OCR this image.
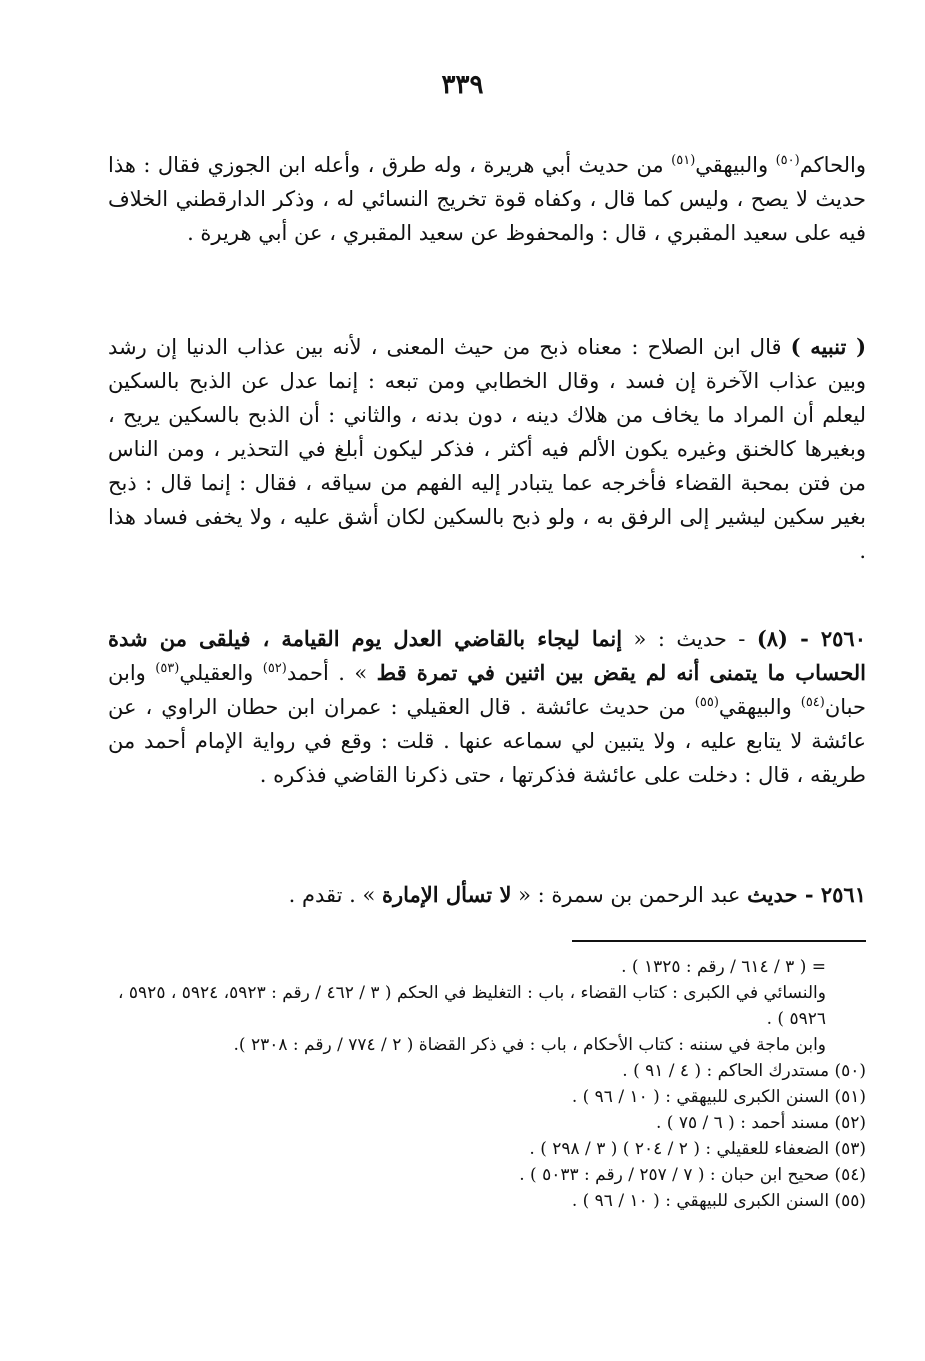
٣٣٩

والحاكم$^{(٥٠)}$ والبيهقي$^{(٥١)}$ من حديث أبي هريرة ، وله طرق ، وأعله ابن الجوزي فقال : هذا حديث لا يصح ، وليس كما قال ، وكفاه قوة تخريج النسائي له ، وذكر الدارقطني الخلاف فيه على سعيد المقبري ، قال : والمحفوظ عن سعيد المقبري ، عن أبي هريرة .

( تنبيه ) قال ابن الصلاح : معناه ذبح من حيث المعنى ، لأنه بين عذاب الدنيا إن رشد وبين عذاب الآخرة إن فسد ، وقال الخطابي ومن تبعه : إنما عدل عن الذبح بالسكين ليعلم أن المراد ما يخاف من هلاك دينه ، دون بدنه ، والثاني : أن الذبح بالسكين يريح ، وبغيرها كالخنق وغيره يكون الألم فيه أكثر ، فذكر ليكون أبلغ في التحذير ، ومن الناس من فتن بمحبة القضاء فأخرجه عما يتبادر إليه الفهم من سياقه ، فقال : إنما قال : ذبح بغير سكين ليشير إلى الرفق به ، ولو ذبح بالسكين لكان أشق عليه ، ولا يخفى فساد هذا .

٢٥٦٠ - (٨) - حديث : « إنما ليجاء بالقاضي العدل يوم القيامة ، فيلقى من شدة الحساب ما يتمنى أنه لم يقض بين اثنين في تمرة قط » . أحمد$^{(٥٢)}$ والعقيلي$^{(٥٣)}$ وابن حبان$^{(٥٤)}$ والبيهقي$^{(٥٥)}$ من حديث عائشة . قال العقيلي : عمران ابن حطان الراوي ، عن عائشة لا يتابع عليه ، ولا يتبين لي سماعه عنها . قلت : وقع في رواية الإمام أحمد من طريقه ، قال : دخلت على عائشة فذكرتها ، حتى ذكرنا القاضي فذكره .

٢٥٦١ - حديث عبد الرحمن بن سمرة : « لا تسأل الإمارة » . تقدم .

= ( ٣ / ٦١٤ / رقم : ١٣٢٥ ) .

والنسائي في الكبرى : كتاب القضاء ، باب : التغليظ في الحكم ( ٣ / ٤٦٢ / رقم : ٥٩٢٣، ٥٩٢٤ ، ٥٩٢٥ ، ٥٩٢٦ ) .

وابن ماجة في سننه : كتاب الأحكام ، باب : في ذكر القضاة ( ٢ / ٧٧٤ / رقم : ٢٣٠٨ ).

(٥٠) مستدرك الحاكم : ( ٤ / ٩١ ) .

(٥١) السنن الكبرى للبيهقي : ( ١٠ / ٩٦ ) .

(٥٢) مسند أحمد : ( ٦ / ٧٥ ) .

(٥٣) الضعفاء للعقيلي : ( ٢ / ٢٠٤ ) ( ٣ / ٢٩٨ ) .

(٥٤) صحيح ابن حبان : ( ٧ / ٢٥٧ / رقم : ٥٠٣٣ ) .

(٥٥) السنن الكبرى للبيهقي : ( ١٠ / ٩٦ ) .
